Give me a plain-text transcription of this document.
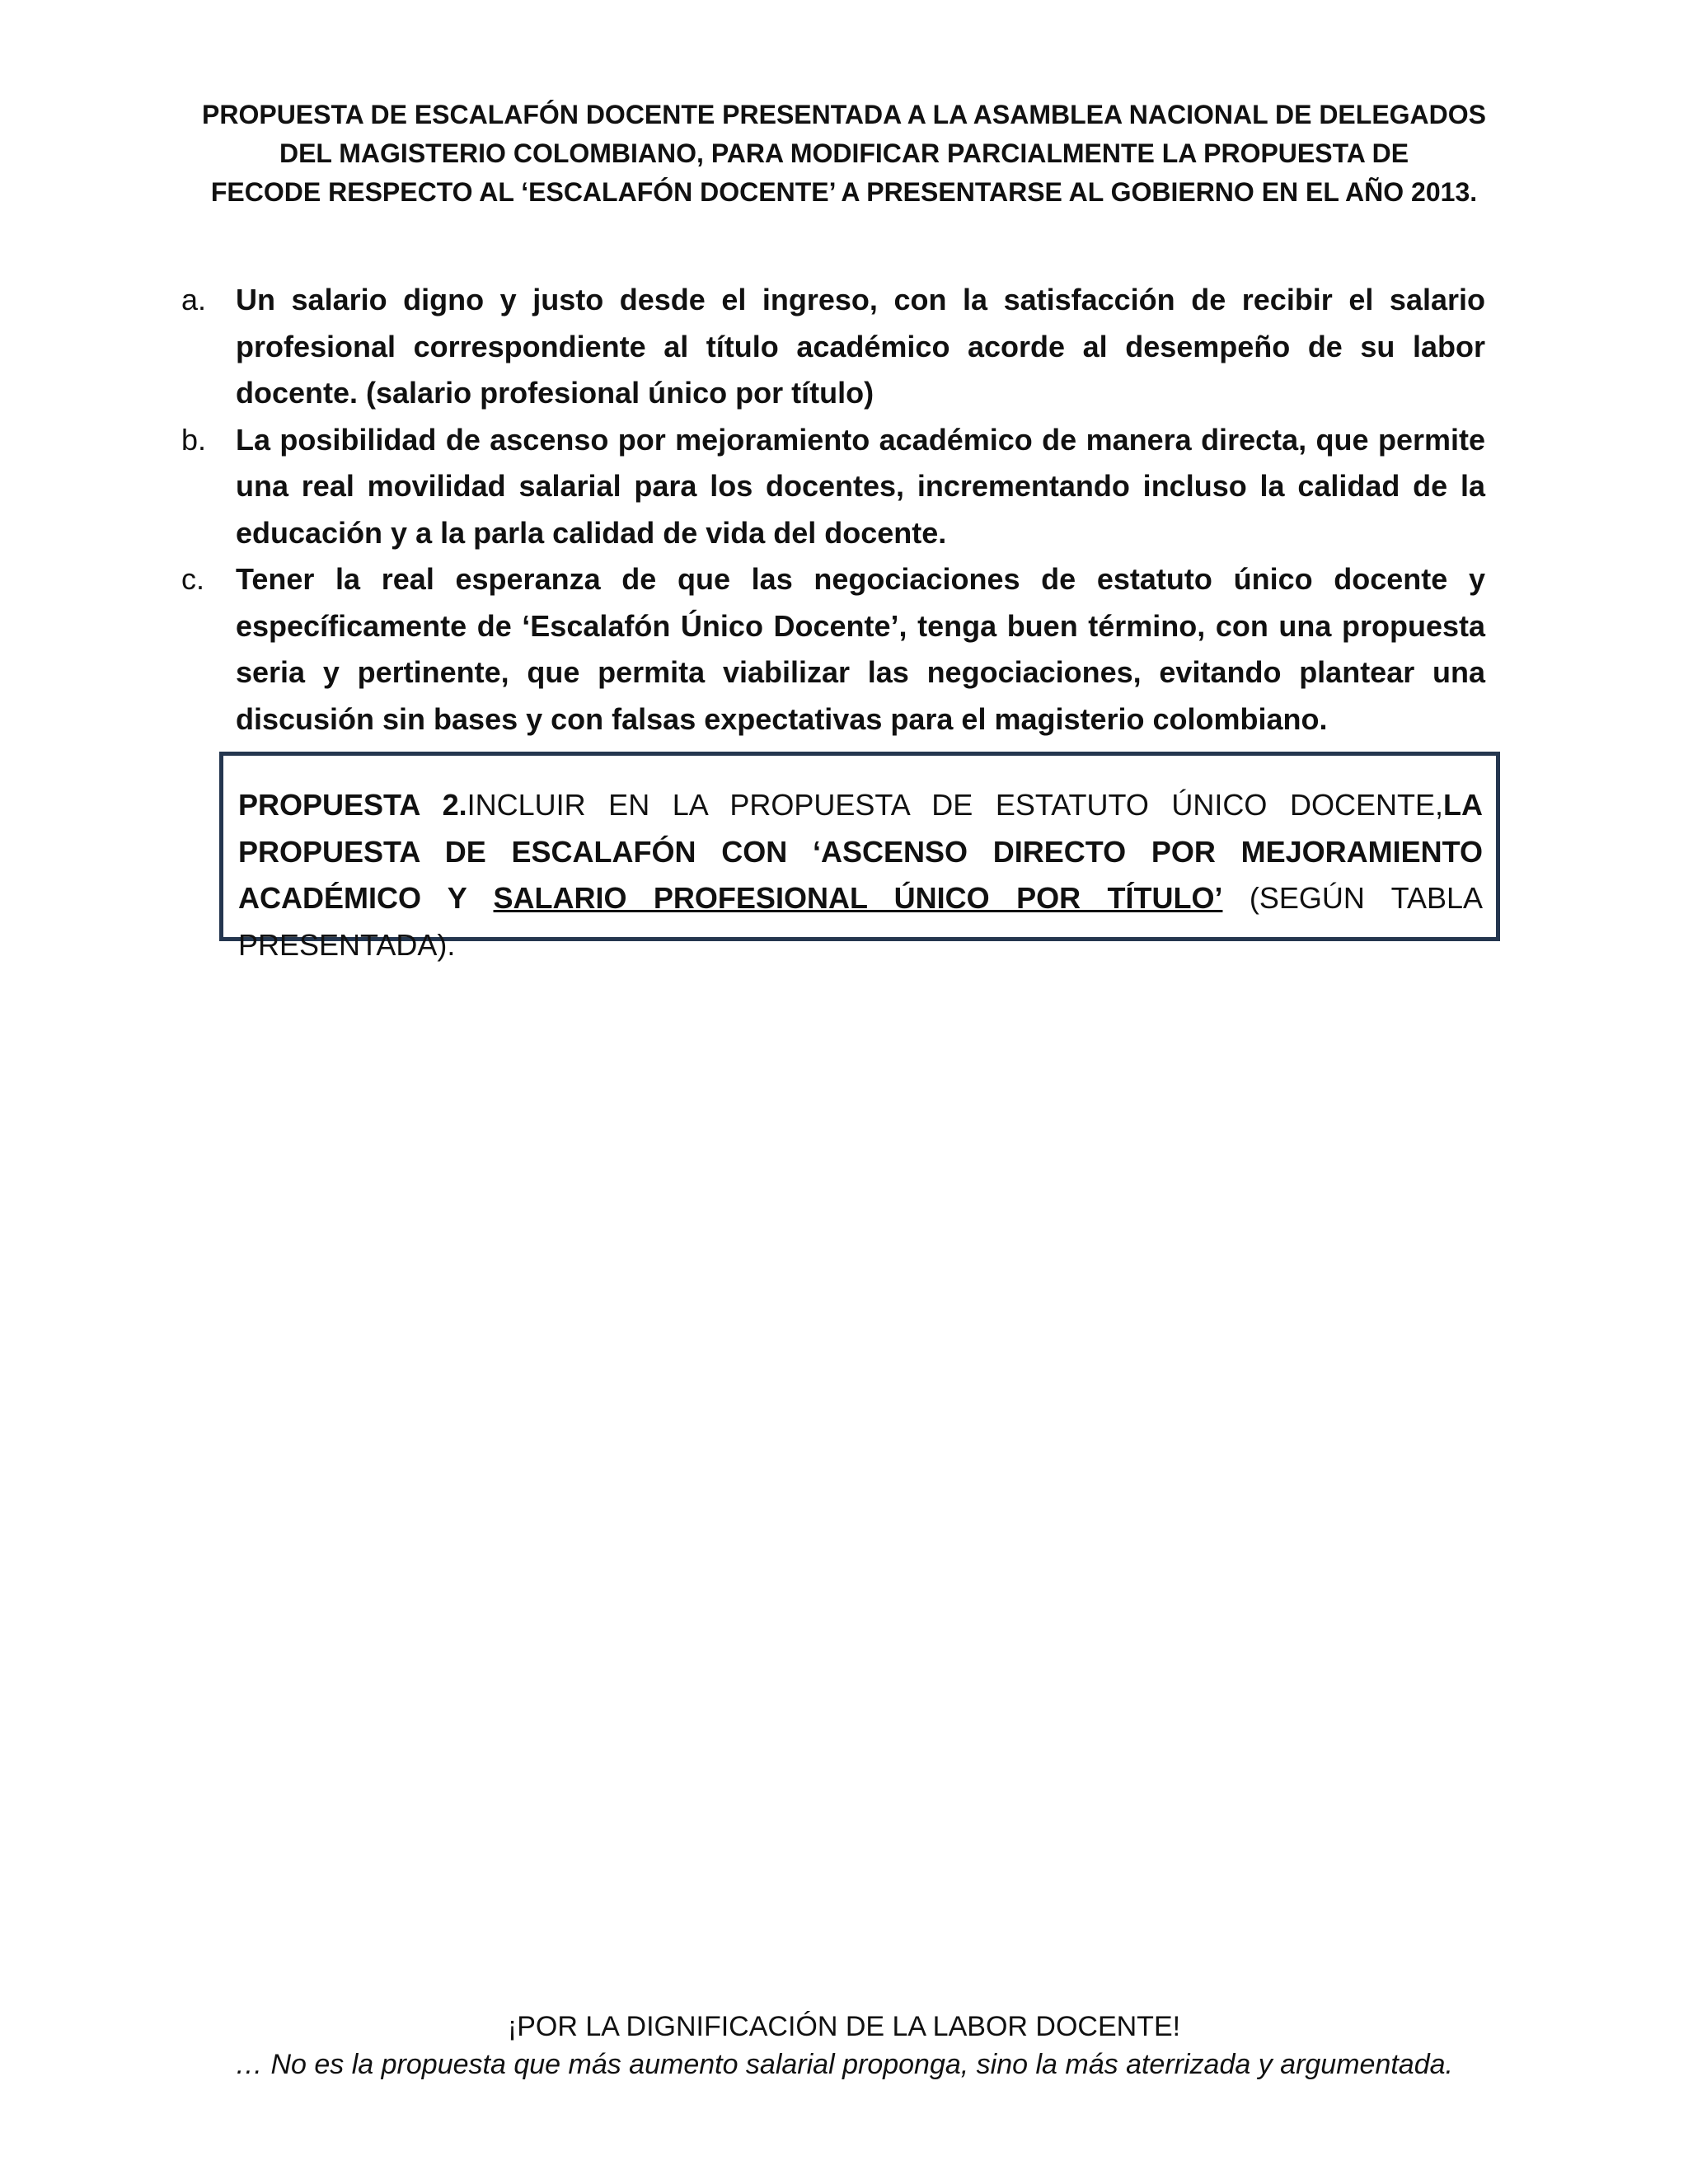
PROPUESTA DE ESCALAFÓN DOCENTE PRESENTADA A LA ASAMBLEA NACIONAL DE DELEGADOS
DEL MAGISTERIO COLOMBIANO, PARA MODIFICAR PARCIALMENTE LA PROPUESTA DE
FECODE RESPECTO AL ‘ESCALAFÓN DOCENTE’ A PRESENTARSE AL GOBIERNO EN EL AÑO 2013.
a. Un salario digno y justo desde el ingreso, con la satisfacción de recibir el salario profesional correspondiente al título académico acorde al desempeño de su labor docente. (salario profesional único por título)
b. La posibilidad de ascenso por mejoramiento académico de manera directa, que permite una real movilidad salarial para los docentes, incrementando incluso la calidad de la educación y a la parla calidad de vida del docente.
c. Tener la real esperanza de que las negociaciones de estatuto único docente y específicamente de ‘Escalafón Único Docente’, tenga buen término, con una propuesta seria y pertinente, que permita viabilizar las negociaciones, evitando plantear una discusión sin bases y con falsas expectativas para el magisterio colombiano.
PROPUESTA 2.INCLUIR EN LA PROPUESTA DE ESTATUTO ÚNICO DOCENTE,LA PROPUESTA DE ESCALAFÓN CON ‘ASCENSO DIRECTO POR MEJORAMIENTO ACADÉMICO Y SALARIO PROFESIONAL ÚNICO POR TÍTULO’ (SEGÚN TABLA PRESENTADA).
¡POR LA DIGNIFICACIÓN DE LA LABOR DOCENTE!
… No es la propuesta que más aumento salarial proponga, sino la más aterrizada y argumentada.
